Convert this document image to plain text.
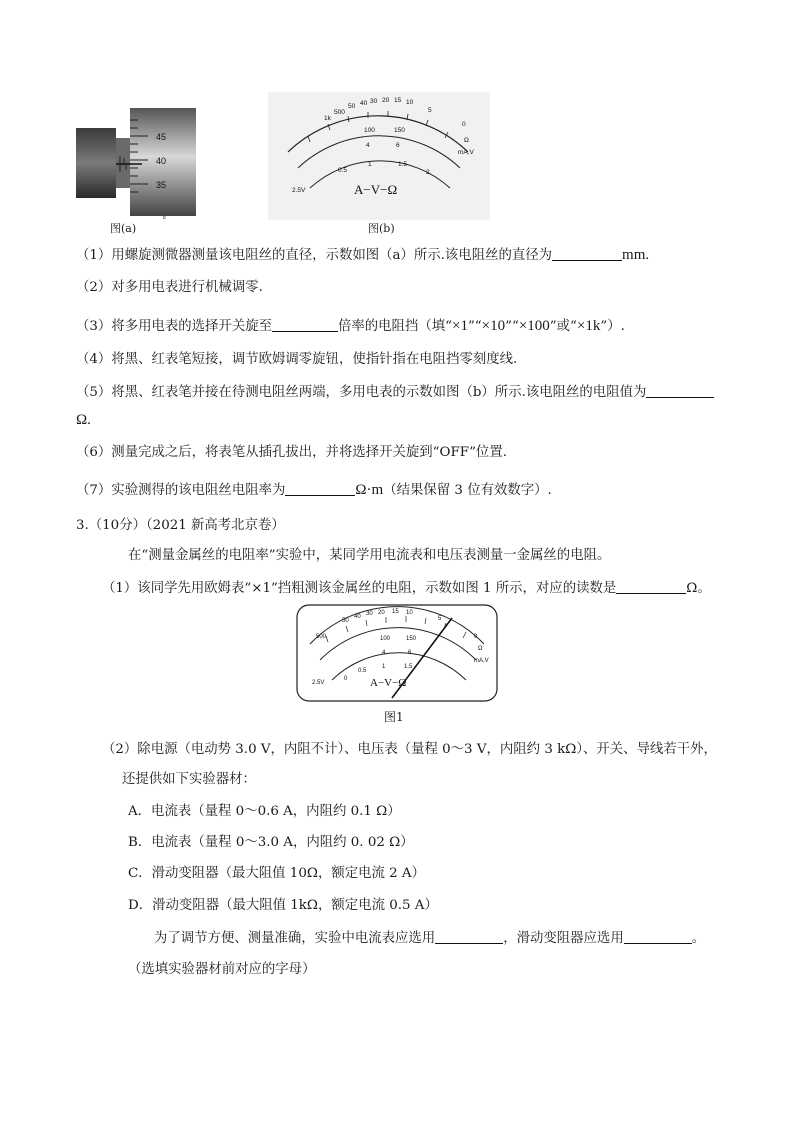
45
40
35
图(a)
°
1k
500
50 40 30 20 15 10
5
0
100	150
4	6
0.5
1	1.5
2
mA,V
Ω
2.5V	A−V−Ω
图(b)
（1）用螺旋测微器测量该电阻丝的直径，示数如图（a）所示.该电阻丝的直径为	mm.
（2）对多用电表进行机械调零.
（3）将多用电表的选择开关旋至	倍率的电阻挡（填“×1”“×10”“×100”或“×1k”）.
（4）将黑、红表笔短接，调节欧姆调零旋钮，使指针指在电阻挡零刻度线.
（5）将黑、红表笔并接在待测电阻丝两端，多用电表的示数如图（b）所示.该电阻丝的电阻值为
Ω.
（6）测量完成之后，将表笔从插孔拔出，并将选择开关旋到“OFF”位置.
（7）实验测得的该电阻丝电阻率为	Ω·m（结果保留 3 位有效数字）.
3.（10分）（2021 新高考北京卷）
在“测量金属丝的电阻率”实验中，某同学用电流表和电压表测量一金属丝的电阻。
（1）该同学先用欧姆表“×1”挡粗测该金属丝的电阻，示数如图 1 所示，对应的读数是	Ω。
500
50
40 30 20 15 10
5
0
100	150
4	6
0
0.5
1	1.5
mA,V
Ω
2.5V	A−V−Ω
图1
（2）除电源（电动势 3.0 V，内阻不计）、电压表（量程 0～3 V，内阻约 3 kΩ）、开关、导线若干外，
还提供如下实验器材：
A．电流表（量程 0～0.6 A，内阻约 0.1 Ω）
B．电流表（量程 0～3.0 A，内阻约 0. 02 Ω）
C．滑动变阻器（最大阻值 10Ω，额定电流 2 A）
D．滑动变阻器（最大阻值 1kΩ，额定电流 0.5 A）
为了调节方便、测量准确，实验中电流表应选用	，滑动变阻器应选用	。
（选填实验器材前对应的字母）
